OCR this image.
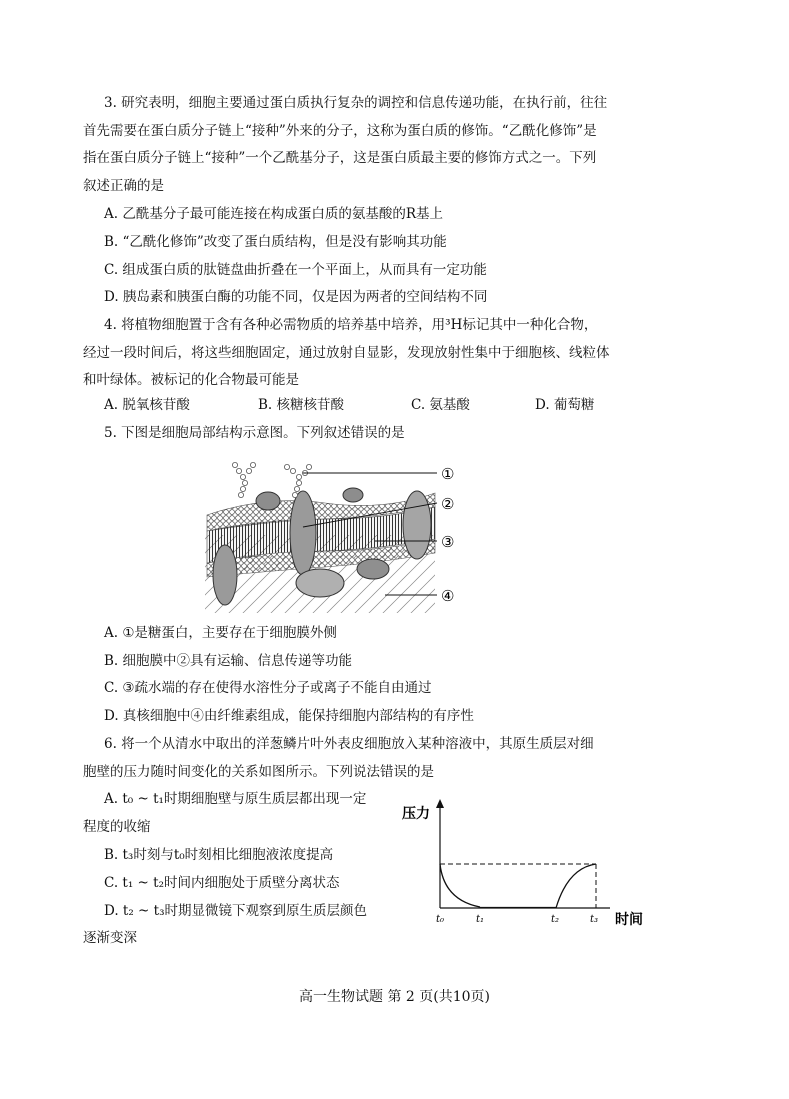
3. 研究表明，细胞主要通过蛋白质执行复杂的调控和信息传递功能，在执行前，往往
首先需要在蛋白质分子链上“接种”外来的分子，这称为蛋白质的修饰。“乙酰化修饰”是
指在蛋白质分子链上“接种”一个乙酰基分子，这是蛋白质最主要的修饰方式之一。下列
叙述正确的是
A. 乙酰基分子最可能连接在构成蛋白质的氨基酸的R基上
B. “乙酰化修饰”改变了蛋白质结构，但是没有影响其功能
C. 组成蛋白质的肽链盘曲折叠在一个平面上，从而具有一定功能
D. 胰岛素和胰蛋白酶的功能不同，仅是因为两者的空间结构不同
4. 将植物细胞置于含有各种必需物质的培养基中培养，用³H标记其中一种化合物，
经过一段时间后，将这些细胞固定，通过放射自显影，发现放射性集中于细胞核、线粒体
和叶绿体。被标记的化合物最可能是
A. 脱氧核苷酸	B. 核糖核苷酸	C. 氨基酸	D. 葡萄糖
5. 下图是细胞局部结构示意图。下列叙述错误的是
①
②
③
④
A. ①是糖蛋白，主要存在于细胞膜外侧
B. 细胞膜中②具有运输、信息传递等功能
C. ③疏水端的存在使得水溶性分子或离子不能自由通过
D. 真核细胞中④由纤维素组成，能保持细胞内部结构的有序性
6. 将一个从清水中取出的洋葱鳞片叶外表皮细胞放入某种溶液中，其原生质层对细
胞壁的压力随时间变化的关系如图所示。下列说法错误的是
A. t₀ ~ t₁时期细胞壁与原生质层都出现一定
程度的收缩
B. t₃时刻与t₀时刻相比细胞液浓度提高
C. t₁ ~ t₂时间内细胞处于质壁分离状态
D. t₂ ~ t₃时期显微镜下观察到原生质层颜色
逐渐变深
压力
t₀	t₁	t₂	t₃ 时间
高一生物试题 第 2 页(共10页)
